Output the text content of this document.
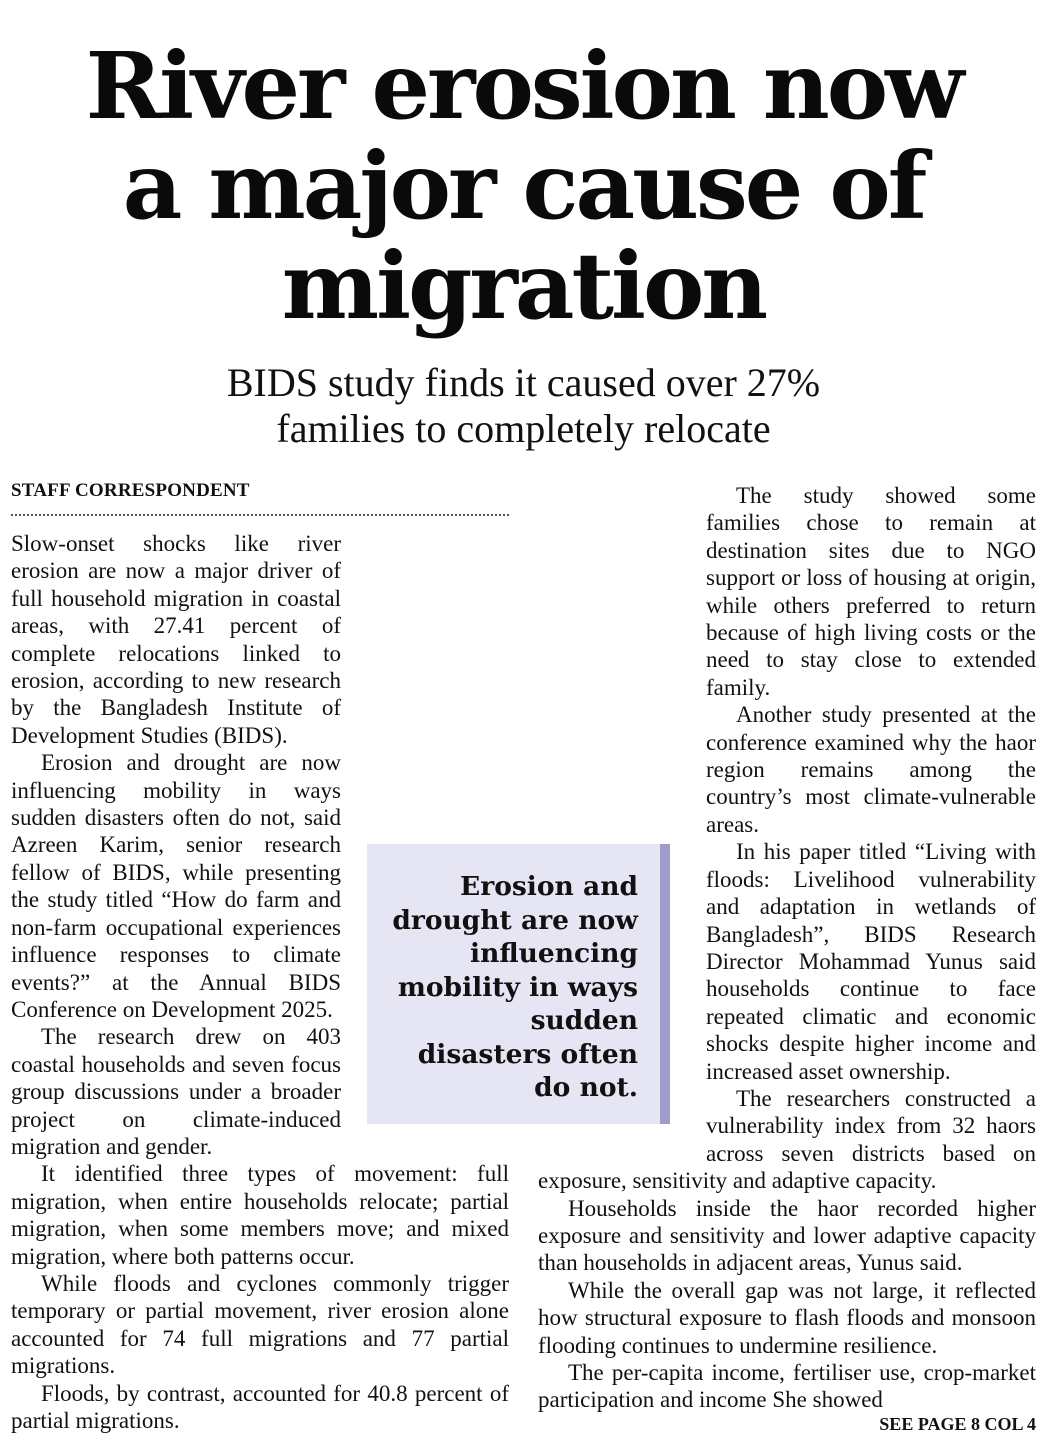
River erosion now
a major cause of
migration
BIDS study finds it caused over 27%
families to completely relocate
STAFF CORRESPONDENT

Slow-onset shocks like river erosion are now a major driver of full household migration in coastal areas, with 27.41 percent of complete relocations linked to erosion, according to new research by the Bangladesh Institute of Development Studies (BIDS).

Erosion and drought are now influencing mobility in ways sudden disasters often do not, said Azreen Karim, senior research fellow of BIDS, while presenting the study titled “How do farm and non-farm occupational experiences influence responses to climate events?” at the Annual BIDS Conference on Development 2025.

The research drew on 403 coastal households and seven focus group discussions under a broader project on climate-induced migration and gender.

It identified three types of movement: full migration, when entire households relocate; partial migration, when some members move; and mixed migration, where both patterns occur.

While floods and cyclones commonly trigger temporary or partial movement, river erosion alone accounted for 74 full migrations and 77 partial migrations.

Floods, by contrast, accounted for 40.8 percent of partial migrations.

The study showed some families chose to remain at destination sites due to NGO support or loss of housing at origin, while others preferred to return because of high living costs or the need to stay close to extended family.

Another study presented at the conference examined why the haor region remains among the country’s most climate-vulnerable areas.

In his paper titled “Living with floods: Livelihood vulnerability and adaptation in wetlands of Bangladesh”, BIDS Research Director Mohammad Yunus said households continue to face repeated climatic and economic shocks despite higher income and increased asset ownership.

The researchers constructed a vulnerability index from 32 haors across seven districts based on exposure, sensitivity and adaptive capacity.

Households inside the haor recorded higher exposure and sensitivity and lower adaptive capacity than households in adjacent areas, Yunus said.

While the overall gap was not large, it reflected how structural exposure to flash floods and monsoon flooding continues to undermine resilience.

The per-capita income, fertiliser use, crop-market participation and income She showed

Erosion and drought are now influencing mobility in ways sudden disasters often do not.
SEE PAGE 8 COL 4
